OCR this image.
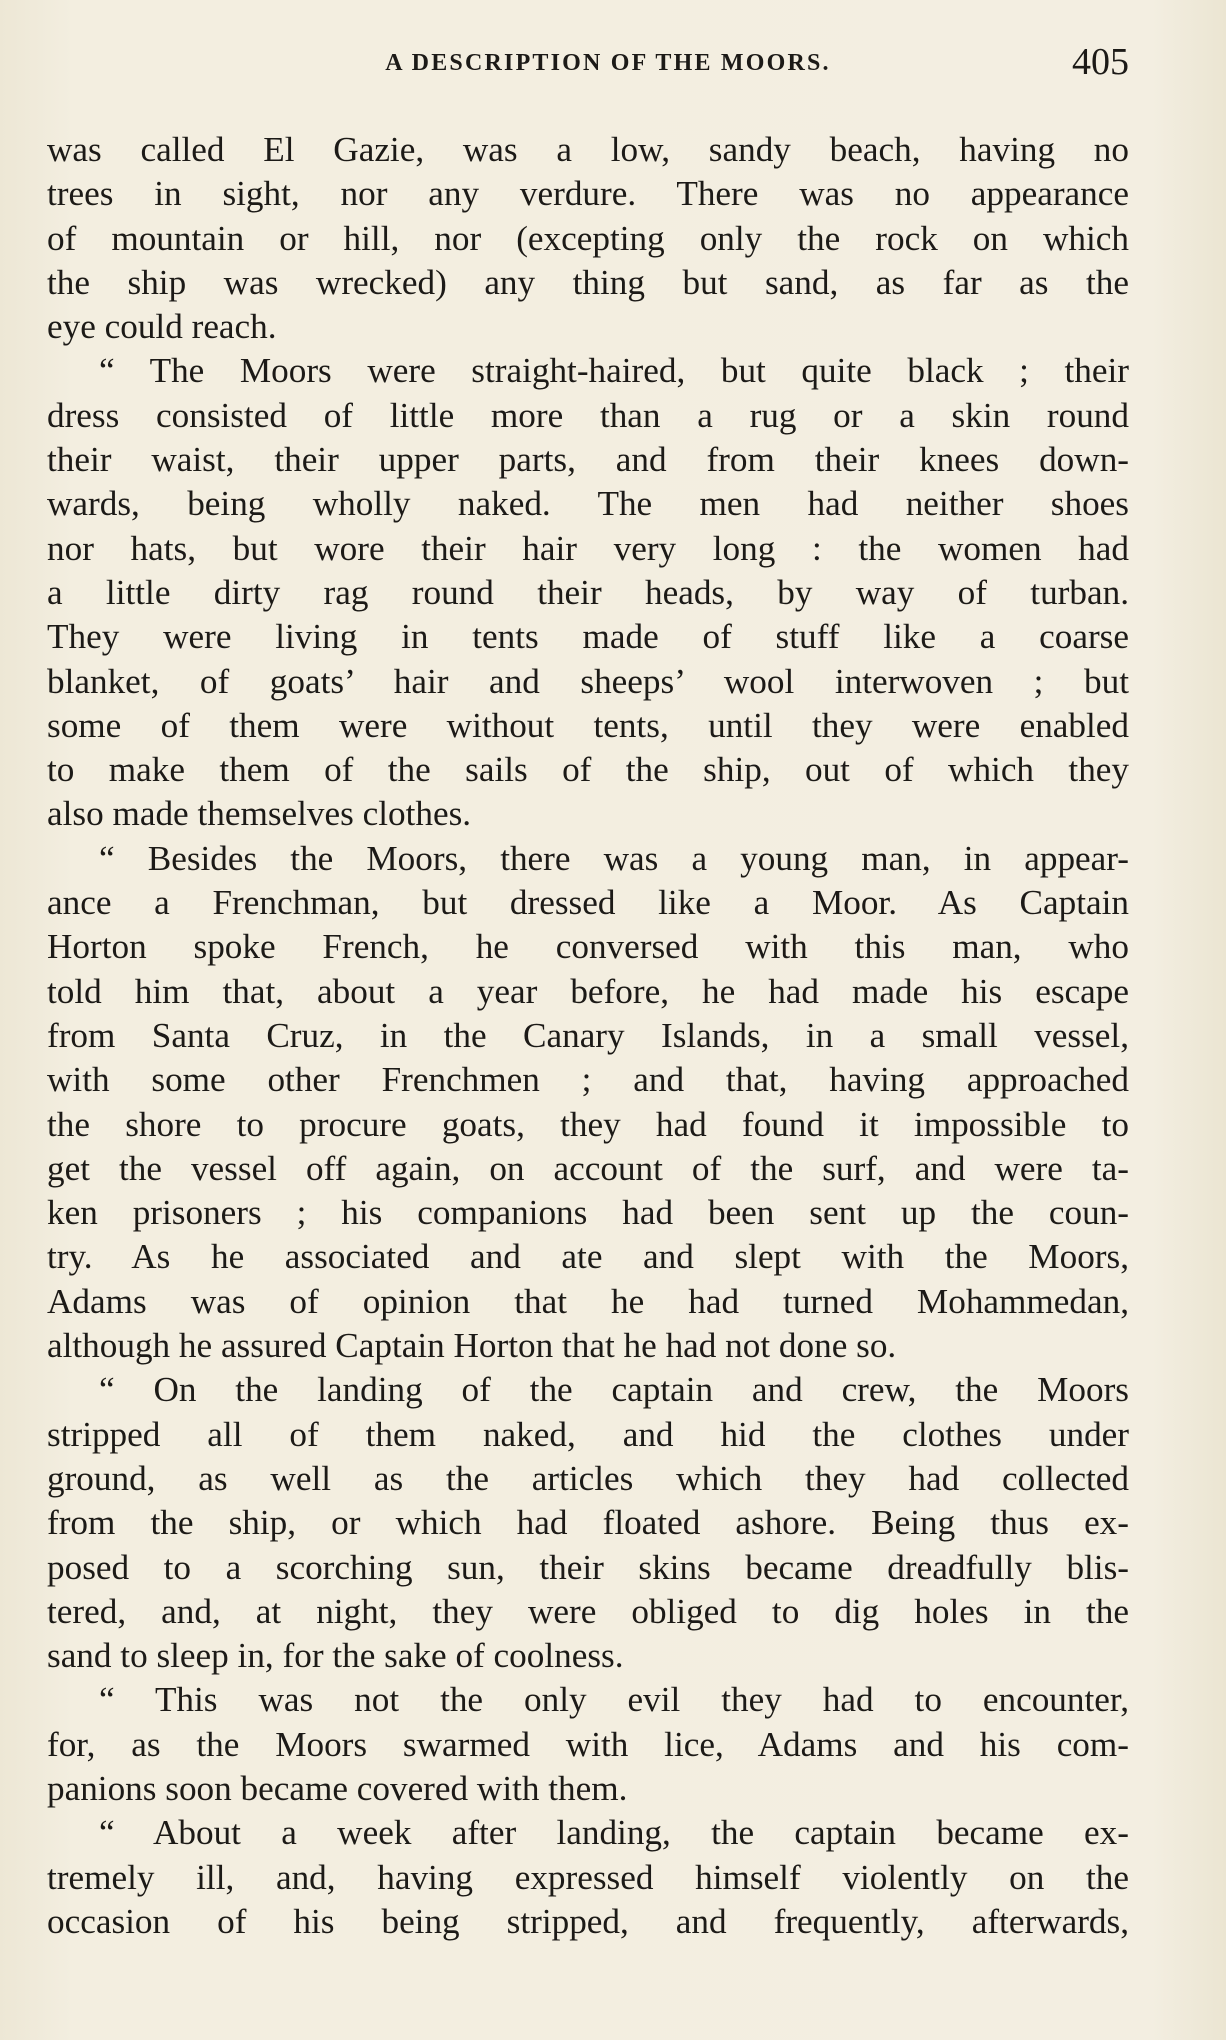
A DESCRIPTION OF THE MOORS.	405
was called El Gazie, was a low, sandy beach, having no
trees in sight, nor any verdure. There was no appearance
of mountain or hill, nor (excepting only the rock on which
the ship was wrecked) any thing but sand, as far as the
eye could reach.
“ The Moors were straight-haired, but quite black ; their
dress consisted of little more than a rug or a skin round
their waist, their upper parts, and from their knees down-
wards, being wholly naked. The men had neither shoes
nor hats, but wore their hair very long : the women had
a little dirty rag round their heads, by way of turban.
They were living in tents made of stuff like a coarse
blanket, of goats’ hair and sheeps’ wool interwoven ; but
some of them were without tents, until they were enabled
to make them of the sails of the ship, out of which they
also made themselves clothes.
“ Besides the Moors, there was a young man, in appear-
ance a Frenchman, but dressed like a Moor. As Captain
Horton spoke French, he conversed with this man, who
told him that, about a year before, he had made his escape
from Santa Cruz, in the Canary Islands, in a small vessel,
with some other Frenchmen ; and that, having approached
the shore to procure goats, they had found it impossible to
get the vessel off again, on account of the surf, and were ta-
ken prisoners ; his companions had been sent up the coun-
try. As he associated and ate and slept with the Moors,
Adams was of opinion that he had turned Mohammedan,
although he assured Captain Horton that he had not done so.
“ On the landing of the captain and crew, the Moors
stripped all of them naked, and hid the clothes under
ground, as well as the articles which they had collected
from the ship, or which had floated ashore. Being thus ex-
posed to a scorching sun, their skins became dreadfully blis-
tered, and, at night, they were obliged to dig holes in the
sand to sleep in, for the sake of coolness.
“ This was not the only evil they had to encounter,
for, as the Moors swarmed with lice, Adams and his com-
panions soon became covered with them.
“ About a week after landing, the captain became ex-
tremely ill, and, having expressed himself violently on the
occasion of his being stripped, and frequently, afterwards,
